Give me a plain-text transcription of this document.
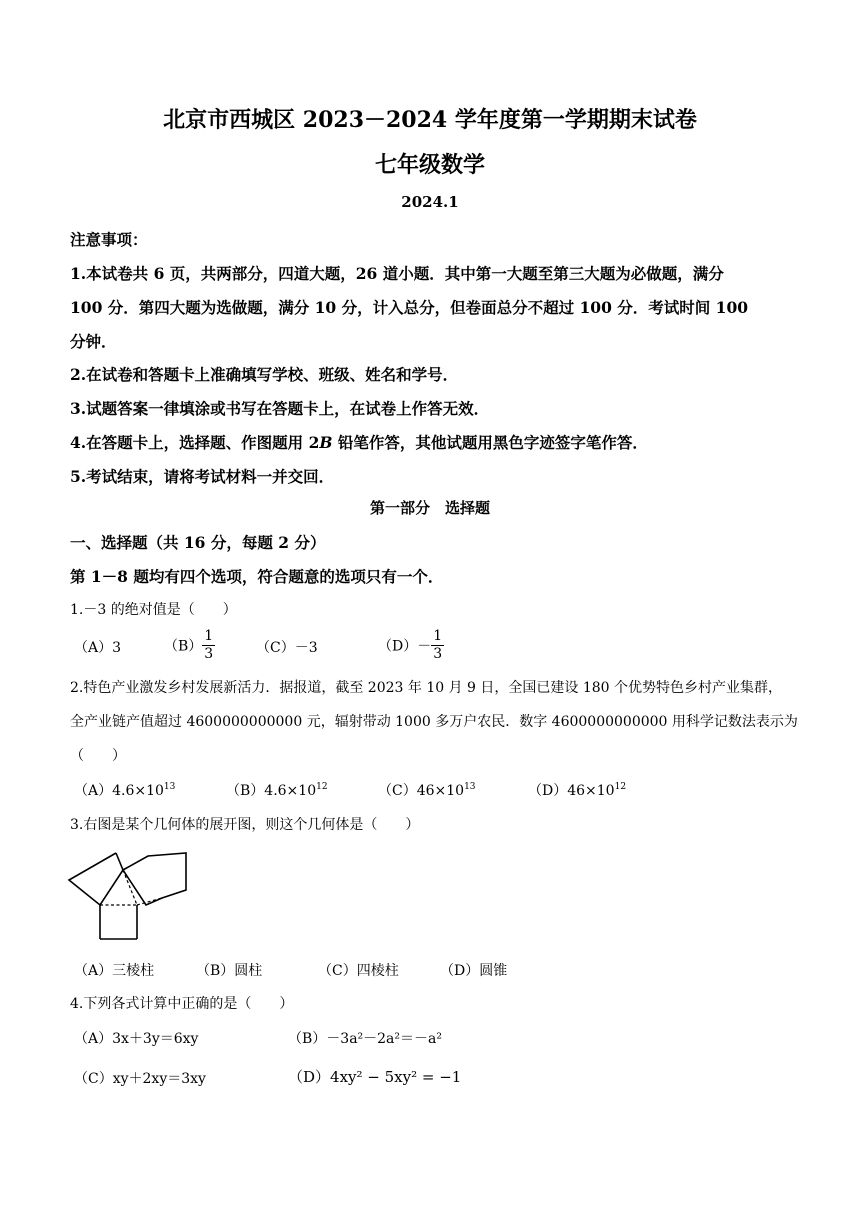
北京市西城区 2023－2024 学年度第一学期期末试卷
七年级数学
2024.1
注意事项：
1.本试卷共 6 页，共两部分，四道大题，26 道小题．其中第一大题至第三大题为必做题，满分
100 分．第四大题为选做题，满分 10 分，计入总分，但卷面总分不超过 100 分．考试时间 100
分钟．
2.在试卷和答题卡上准确填写学校、班级、姓名和学号．
3.试题答案一律填涂或书写在答题卡上，在试卷上作答无效．
4.在答题卡上，选择题、作图题用 2B 铅笔作答，其他试题用黑色字迹签字笔作答．
5.考试结束，请将考试材料一并交回．
第一部分　选择题
一、选择题（共 16 分，每题 2 分）
第 1－8 题均有四个选项，符合题意的选项只有一个．
1.－3 的绝对值是（　　）
（A）3	$(B) \frac{1}{3}$	（C）－3	$(D)- \frac{1}{3}$
2.特色产业激发乡村发展新活力．据报道，截至 2023 年 10 月 9 日，全国已建设 180 个优势特色乡村产业集群，
全产业链产值超过 4600000000000 元，辐射带动 1000 多万户农民．数字 4600000000000 用科学记数法表示为
（　　）
$(A)4.6\times 10^{13}$	$(B)4.6\times 10^{12}$	$(C)46\times 10^{13}$	$(D)46\times 10^{12}$
3.右图是某个几何体的展开图，则这个几何体是（　　）
（A）三棱柱	（B）圆柱	（C）四棱柱	（D）圆锥
4.下列各式计算中正确的是（　　）
（A）3x＋3y＝6xy	（B）－3a²－2a²＝－a²
（C）xy＋2xy＝3xy	（D）4xy² − 5xy² = −1
